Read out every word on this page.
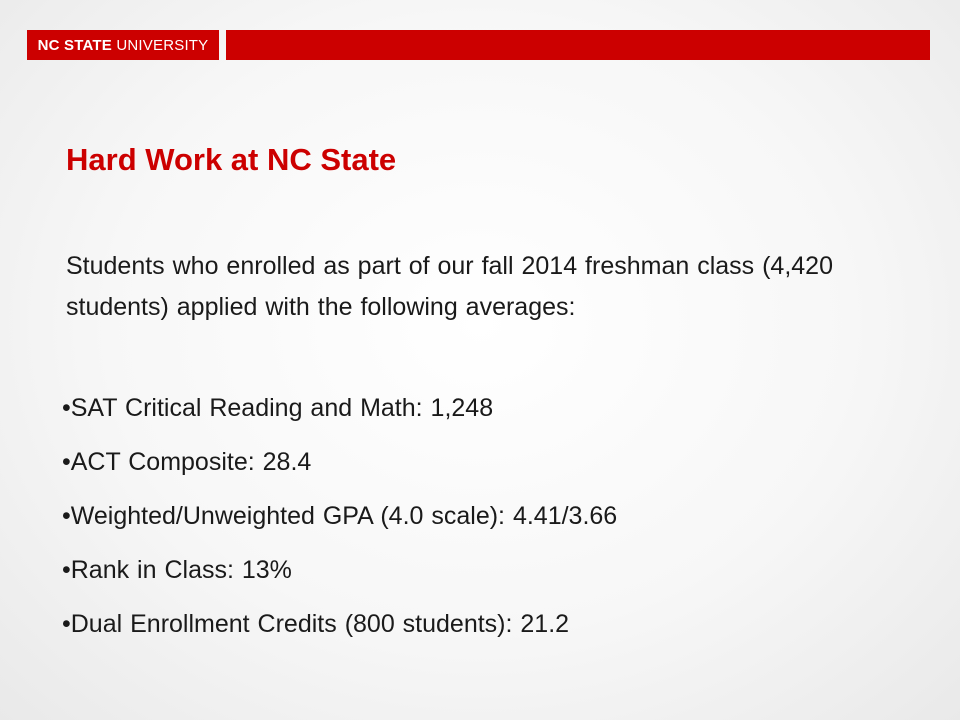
NC STATE UNIVERSITY
Hard Work at NC State

Students who enrolled as part of our fall 2014 freshman class (4,420 students) applied with the following averages:

•SAT Critical Reading and Math: 1,248
•ACT Composite: 28.4
•Weighted/Unweighted GPA (4.0 scale): 4.41/3.66
•Rank in Class: 13%
•Dual Enrollment Credits (800 students): 21.2
